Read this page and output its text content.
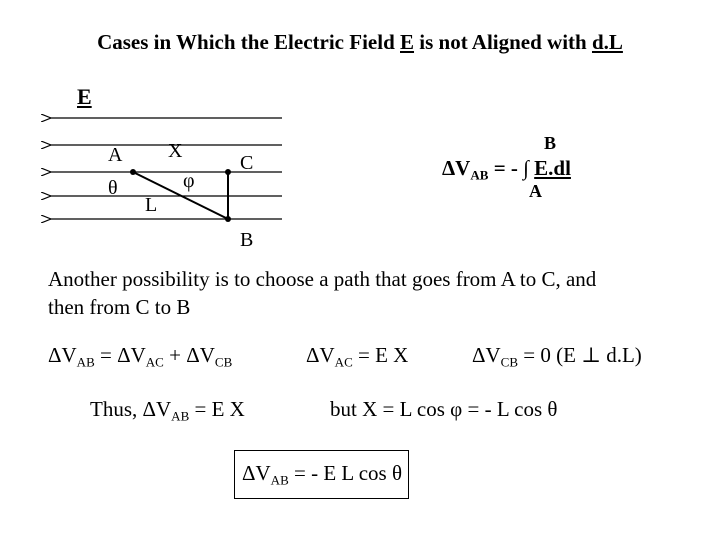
Cases in Which the Electric Field E is not Aligned with d.L
E
A X
C
θ	φ
L
B
B
$\Delta V_{AB}$ = - ∫ E.dl
A
Another possibility is to choose a path that goes from A to C, and
then from C to B
$\Delta V_{AB} = \Delta V_{AC} + \Delta V_{CB}$	$\Delta V_{AC} = E$ X	$\Delta V_{CB} = 0$ (E ⊥ d.L)
Thus, $\Delta V_{AB} = E$ X	but X = L cos φ = - L cos θ
$\Delta V_{AB}$ = - E L cos θ
